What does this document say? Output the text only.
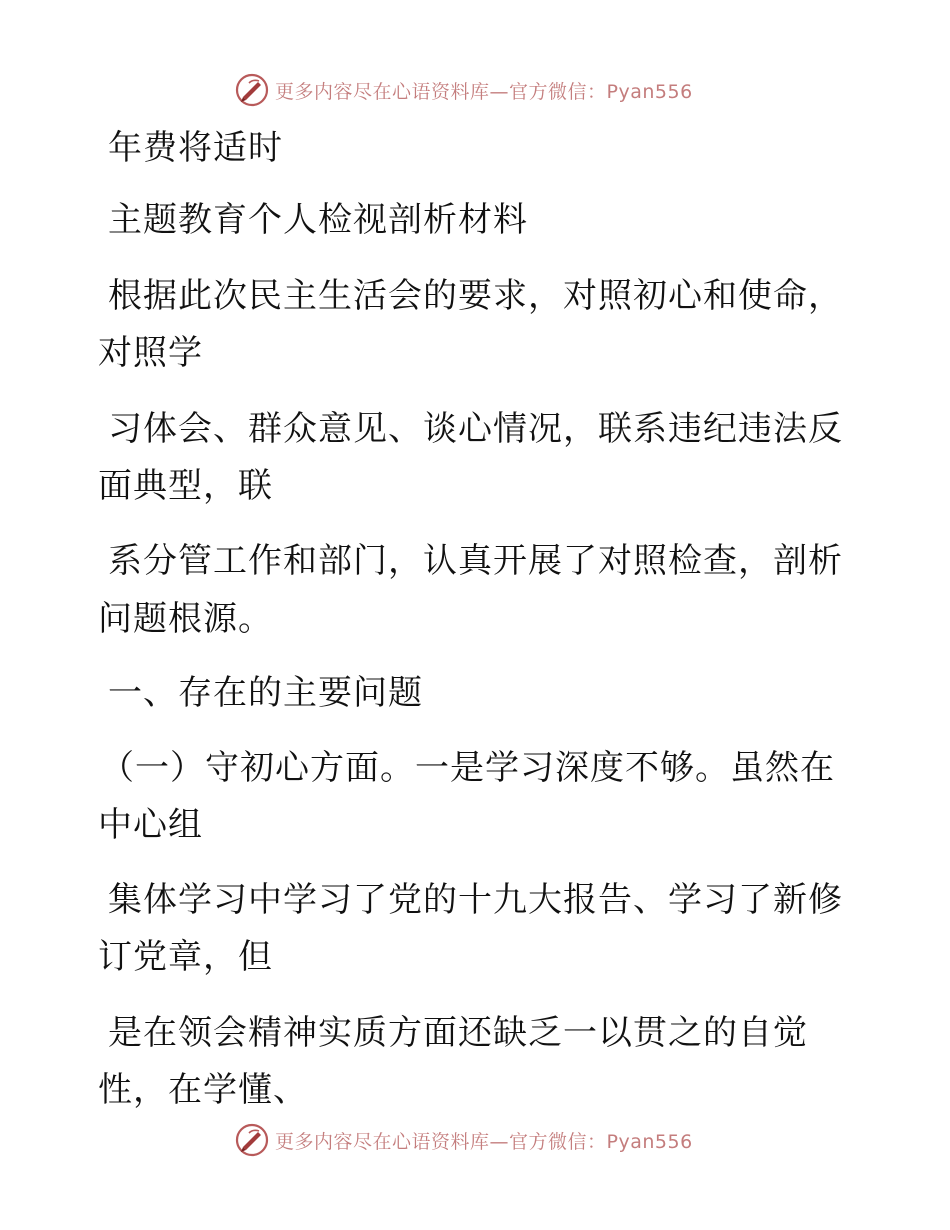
更多内容尽在心语资料库—官方微信：Pyan556
年费将适时
主题教育个人检视剖析材料
根据此次民主生活会的要求，对照初心和使命，
对照学
习体会、群众意见、谈心情况，联系违纪违法反
面典型，联
系分管工作和部门，认真开展了对照检查，剖析
问题根源。
一、存在的主要问题
（一）守初心方面。一是学习深度不够。虽然在
中心组
集体学习中学习了党的十九大报告、学习了新修
订党章，但
是在领会精神实质方面还缺乏一以贯之的自觉
性，在学懂、
更多内容尽在心语资料库—官方微信：Pyan556
